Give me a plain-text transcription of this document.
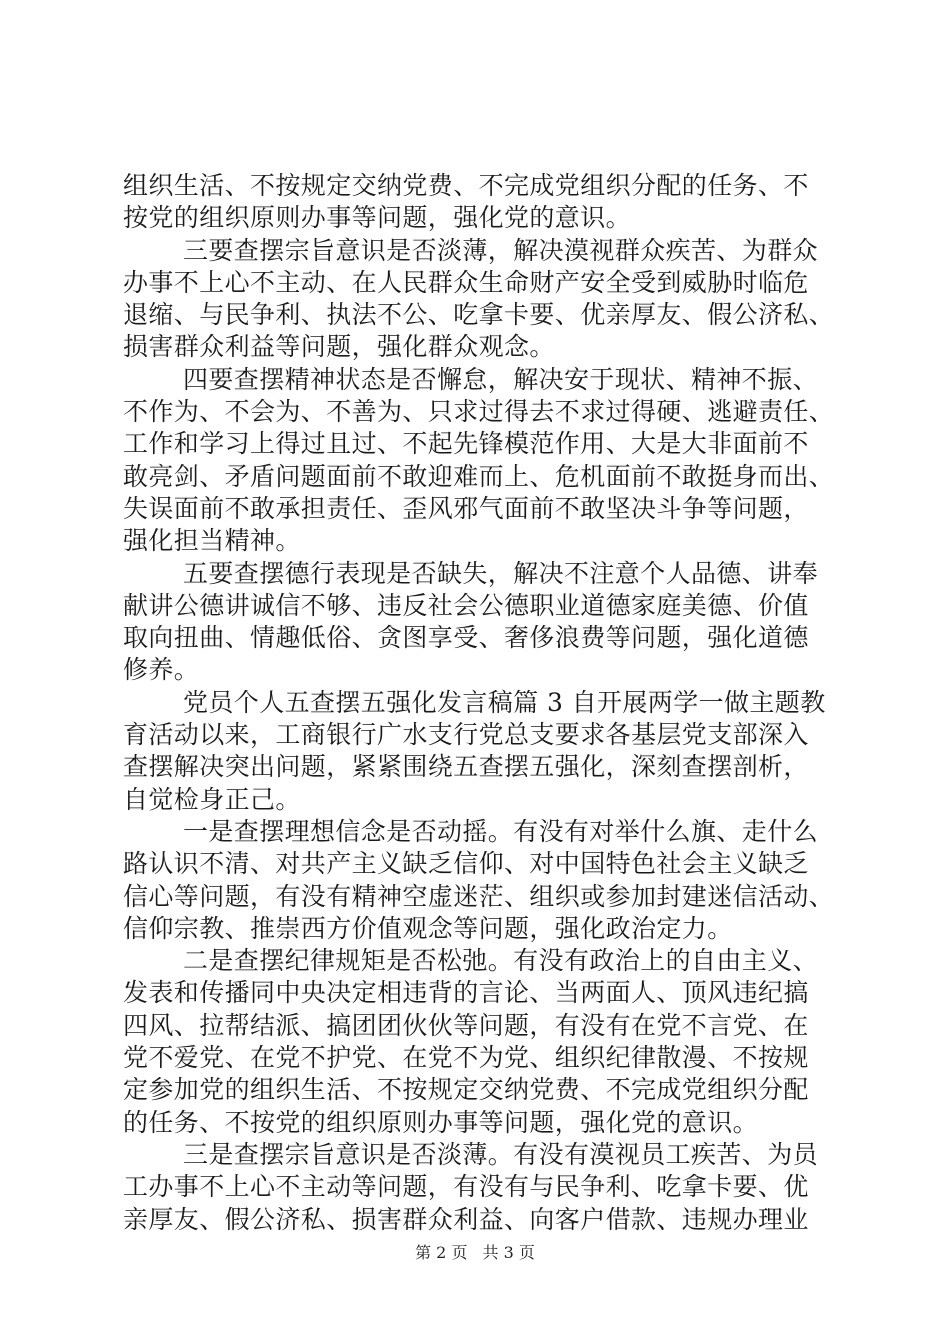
组织生活、不按规定交纳党费、不完成党组织分配的任务、不
按党的组织原则办事等问题，强化党的意识。
三要查摆宗旨意识是否淡薄，解决漠视群众疾苦、为群众
办事不上心不主动、在人民群众生命财产安全受到威胁时临危
退缩、与民争利、执法不公、吃拿卡要、优亲厚友、假公济私、
损害群众利益等问题，强化群众观念。
四要查摆精神状态是否懈怠，解决安于现状、精神不振、
不作为、不会为、不善为、只求过得去不求过得硬、逃避责任、
工作和学习上得过且过、不起先锋模范作用、大是大非面前不
敢亮剑、矛盾问题面前不敢迎难而上、危机面前不敢挺身而出、
失误面前不敢承担责任、歪风邪气面前不敢坚决斗争等问题，
强化担当精神。
五要查摆德行表现是否缺失，解决不注意个人品德、讲奉
献讲公德讲诚信不够、违反社会公德职业道德家庭美德、价值
取向扭曲、情趣低俗、贪图享受、奢侈浪费等问题，强化道德
修养。
党员个人五查摆五强化发言稿篇 3 自开展两学一做主题教
育活动以来，工商银行广水支行党总支要求各基层党支部深入
查摆解决突出问题，紧紧围绕五查摆五强化，深刻查摆剖析，
自觉检身正己。
一是查摆理想信念是否动摇。有没有对举什么旗、走什么
路认识不清、对共产主义缺乏信仰、对中国特色社会主义缺乏
信心等问题，有没有精神空虚迷茫、组织或参加封建迷信活动、
信仰宗教、推崇西方价值观念等问题，强化政治定力。
二是查摆纪律规矩是否松弛。有没有政治上的自由主义、
发表和传播同中央决定相违背的言论、当两面人、顶风违纪搞
四风、拉帮结派、搞团团伙伙等问题，有没有在党不言党、在
党不爱党、在党不护党、在党不为党、组织纪律散漫、不按规
定参加党的组织生活、不按规定交纳党费、不完成党组织分配
的任务、不按党的组织原则办事等问题，强化党的意识。
三是查摆宗旨意识是否淡薄。有没有漠视员工疾苦、为员
工办事不上心不主动等问题，有没有与民争利、吃拿卡要、优
亲厚友、假公济私、损害群众利益、向客户借款、违规办理业
第 2 页 共 3 页
